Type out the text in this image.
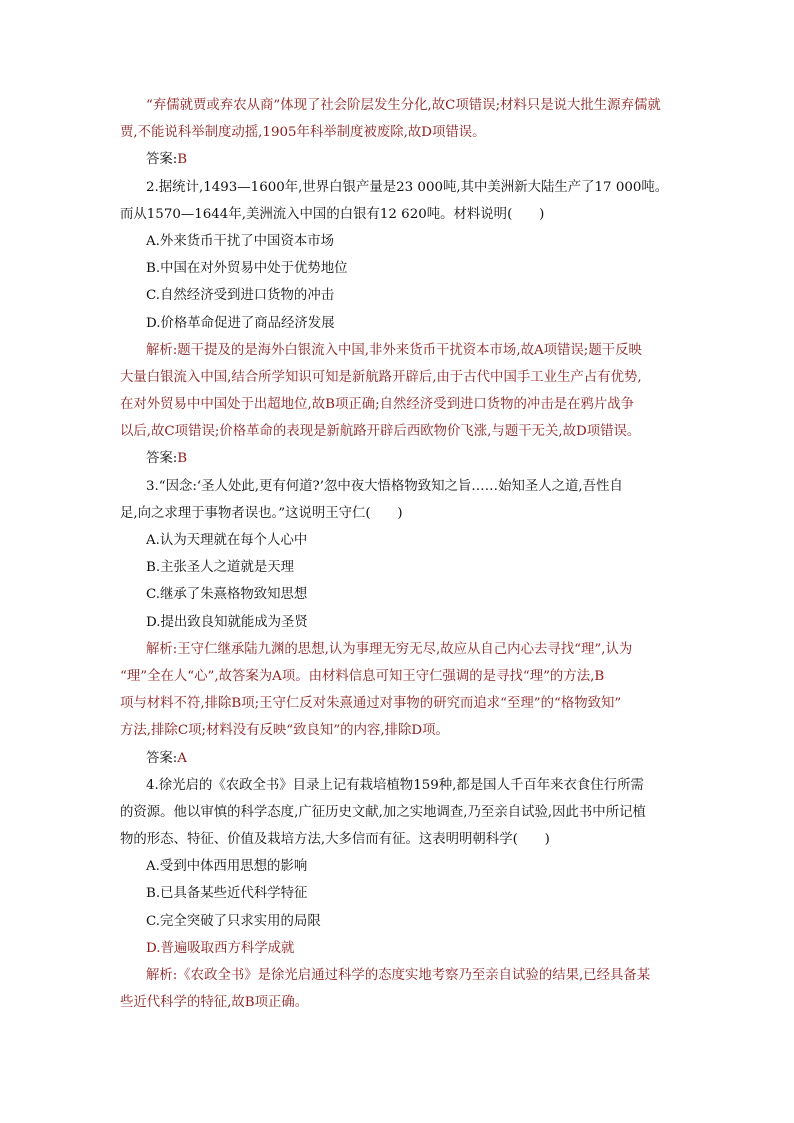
“弃儒就贾或弃农从商”体现了社会阶层发生分化,故C项错误;材料只是说大批生源弃儒就
贾,不能说科举制度动摇,1905年科举制度被废除,故D项错误。
答案:B
2.据统计,1493—1600年,世界白银产量是23 000吨,其中美洲新大陆生产了17 000吨。
而从1570—1644年,美洲流入中国的白银有12 620吨。材料说明(　　)
A.外来货币干扰了中国资本市场
B.中国在对外贸易中处于优势地位
C.自然经济受到进口货物的冲击
D.价格革命促进了商品经济发展
解析:题干提及的是海外白银流入中国,非外来货币干扰资本市场,故A项错误;题干反映
大量白银流入中国,结合所学知识可知是新航路开辟后,由于古代中国手工业生产占有优势,
在对外贸易中中国处于出超地位,故B项正确;自然经济受到进口货物的冲击是在鸦片战争
以后,故C项错误;价格革命的表现是新航路开辟后西欧物价飞涨,与题干无关,故D项错误。
答案:B
3.“因念:‘圣人处此,更有何道?’忽中夜大悟格物致知之旨……始知圣人之道,吾性自
足,向之求理于事物者误也。”这说明王守仁(　　)
A.认为天理就在每个人心中
B.主张圣人之道就是天理
C.继承了朱熹格物致知思想
D.提出致良知就能成为圣贤
解析:王守仁继承陆九渊的思想,认为事理无穷无尽,故应从自己内心去寻找“理”,认为
“理”全在人“心”,故答案为A项。由材料信息可知王守仁强调的是寻找“理”的方法,B
项与材料不符,排除B项;王守仁反对朱熹通过对事物的研究而追求“至理”的“格物致知”
方法,排除C项;材料没有反映“致良知”的内容,排除D项。
答案:A
4.徐光启的《农政全书》目录上记有栽培植物159种,都是国人千百年来衣食住行所需
的资源。他以审慎的科学态度,广征历史文献,加之实地调查,乃至亲自试验,因此书中所记植
物的形态、特征、价值及栽培方法,大多信而有征。这表明明朝科学(　　)
A.受到中体西用思想的影响
B.已具备某些近代科学特征
C.完全突破了只求实用的局限
D.普遍吸取西方科学成就
解析:《农政全书》是徐光启通过科学的态度实地考察乃至亲自试验的结果,已经具备某
些近代科学的特征,故B项正确。
